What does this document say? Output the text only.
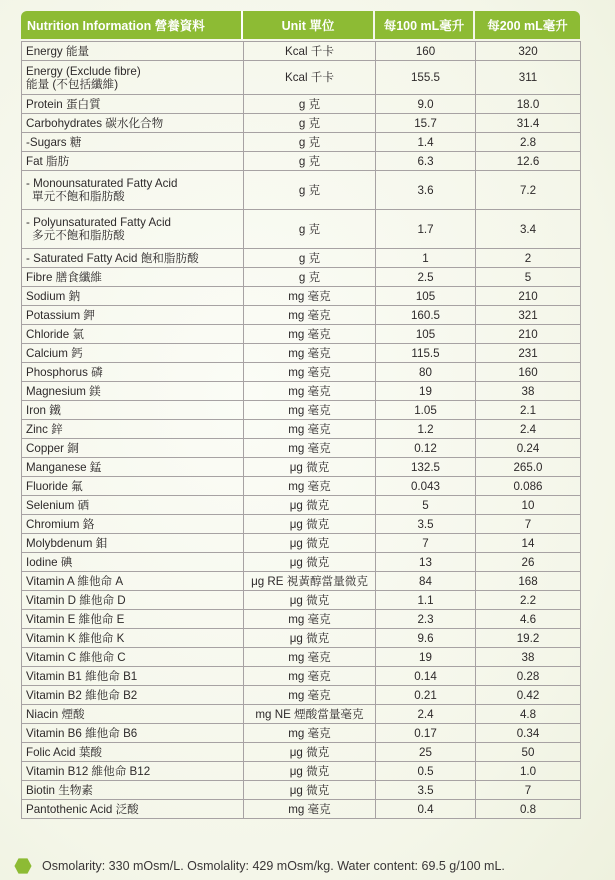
Nutrition Information 營養資料	Unit 單位	每100 mL毫升	每200 mL毫升
Energy 能量	Kcal 千卡	160	320

Energy (Exclude fibre)
能量 (不包括纖維)	Kcal 千卡	155.5	311

Protein 蛋白質	g 克	9.0	18.0

Carbohydrates 碳水化合物	g 克	15.7	31.4

-Sugars 糖	g 克	1.4	2.8

Fat 脂肪	g 克	6.3	12.6

- Monounsaturated Fatty Acid
單元不飽和脂肪酸	g 克	3.6	7.2

- Polyunsaturated Fatty Acid
多元不飽和脂肪酸	g 克	1.7	3.4

- Saturated Fatty Acid 飽和脂肪酸	g 克	1	2

Fibre 膳食纖維	g 克	2.5	5

Sodium 鈉	mg 毫克	105	210

Potassium 鉀	mg 毫克	160.5	321

Chloride 氯	mg 毫克	105	210

Calcium 鈣	mg 毫克	115.5	231

Phosphorus 磷	mg 毫克	80	160

Magnesium 鎂	mg 毫克	19	38

Iron 鐵	mg 毫克	1.05	2.1

Zinc 鋅	mg 毫克	1.2	2.4

Copper 銅	mg 毫克	0.12	0.24

Manganese 錳	μg 微克	132.5	265.0

Fluoride 氟	mg 毫克	0.043	0.086

Selenium 硒	μg 微克	5	10

Chromium 鉻	μg 微克	3.5	7

Molybdenum 鉬	μg 微克	7	14

Iodine 碘	μg 微克	13	26

Vitamin A 維他命 A	μg RE 視黃醇當量微克	84	168

Vitamin D 維他命 D	μg 微克	1.1	2.2

Vitamin E 維他命 E	mg 毫克	2.3	4.6

Vitamin K 維他命 K	μg 微克	9.6	19.2

Vitamin C 維他命 C	mg 毫克	19	38

Vitamin B1 維他命 B1	mg 毫克	0.14	0.28

Vitamin B2 維他命 B2	mg 毫克	0.21	0.42

Niacin 煙酸	mg NE 煙酸當量毫克	2.4	4.8

Vitamin B6 維他命 B6	mg 毫克	0.17	0.34

Folic Acid 葉酸	μg 微克	25	50

Vitamin B12 維他命 B12	μg 微克	0.5	1.0

Biotin 生物素	μg 微克	3.5	7

Pantothenic Acid 泛酸	mg 毫克	0.4	0.8
Osmolarity: 330 mOsm/L. Osmolality: 429 mOsm/kg. Water content: 69.5 g/100 mL.
